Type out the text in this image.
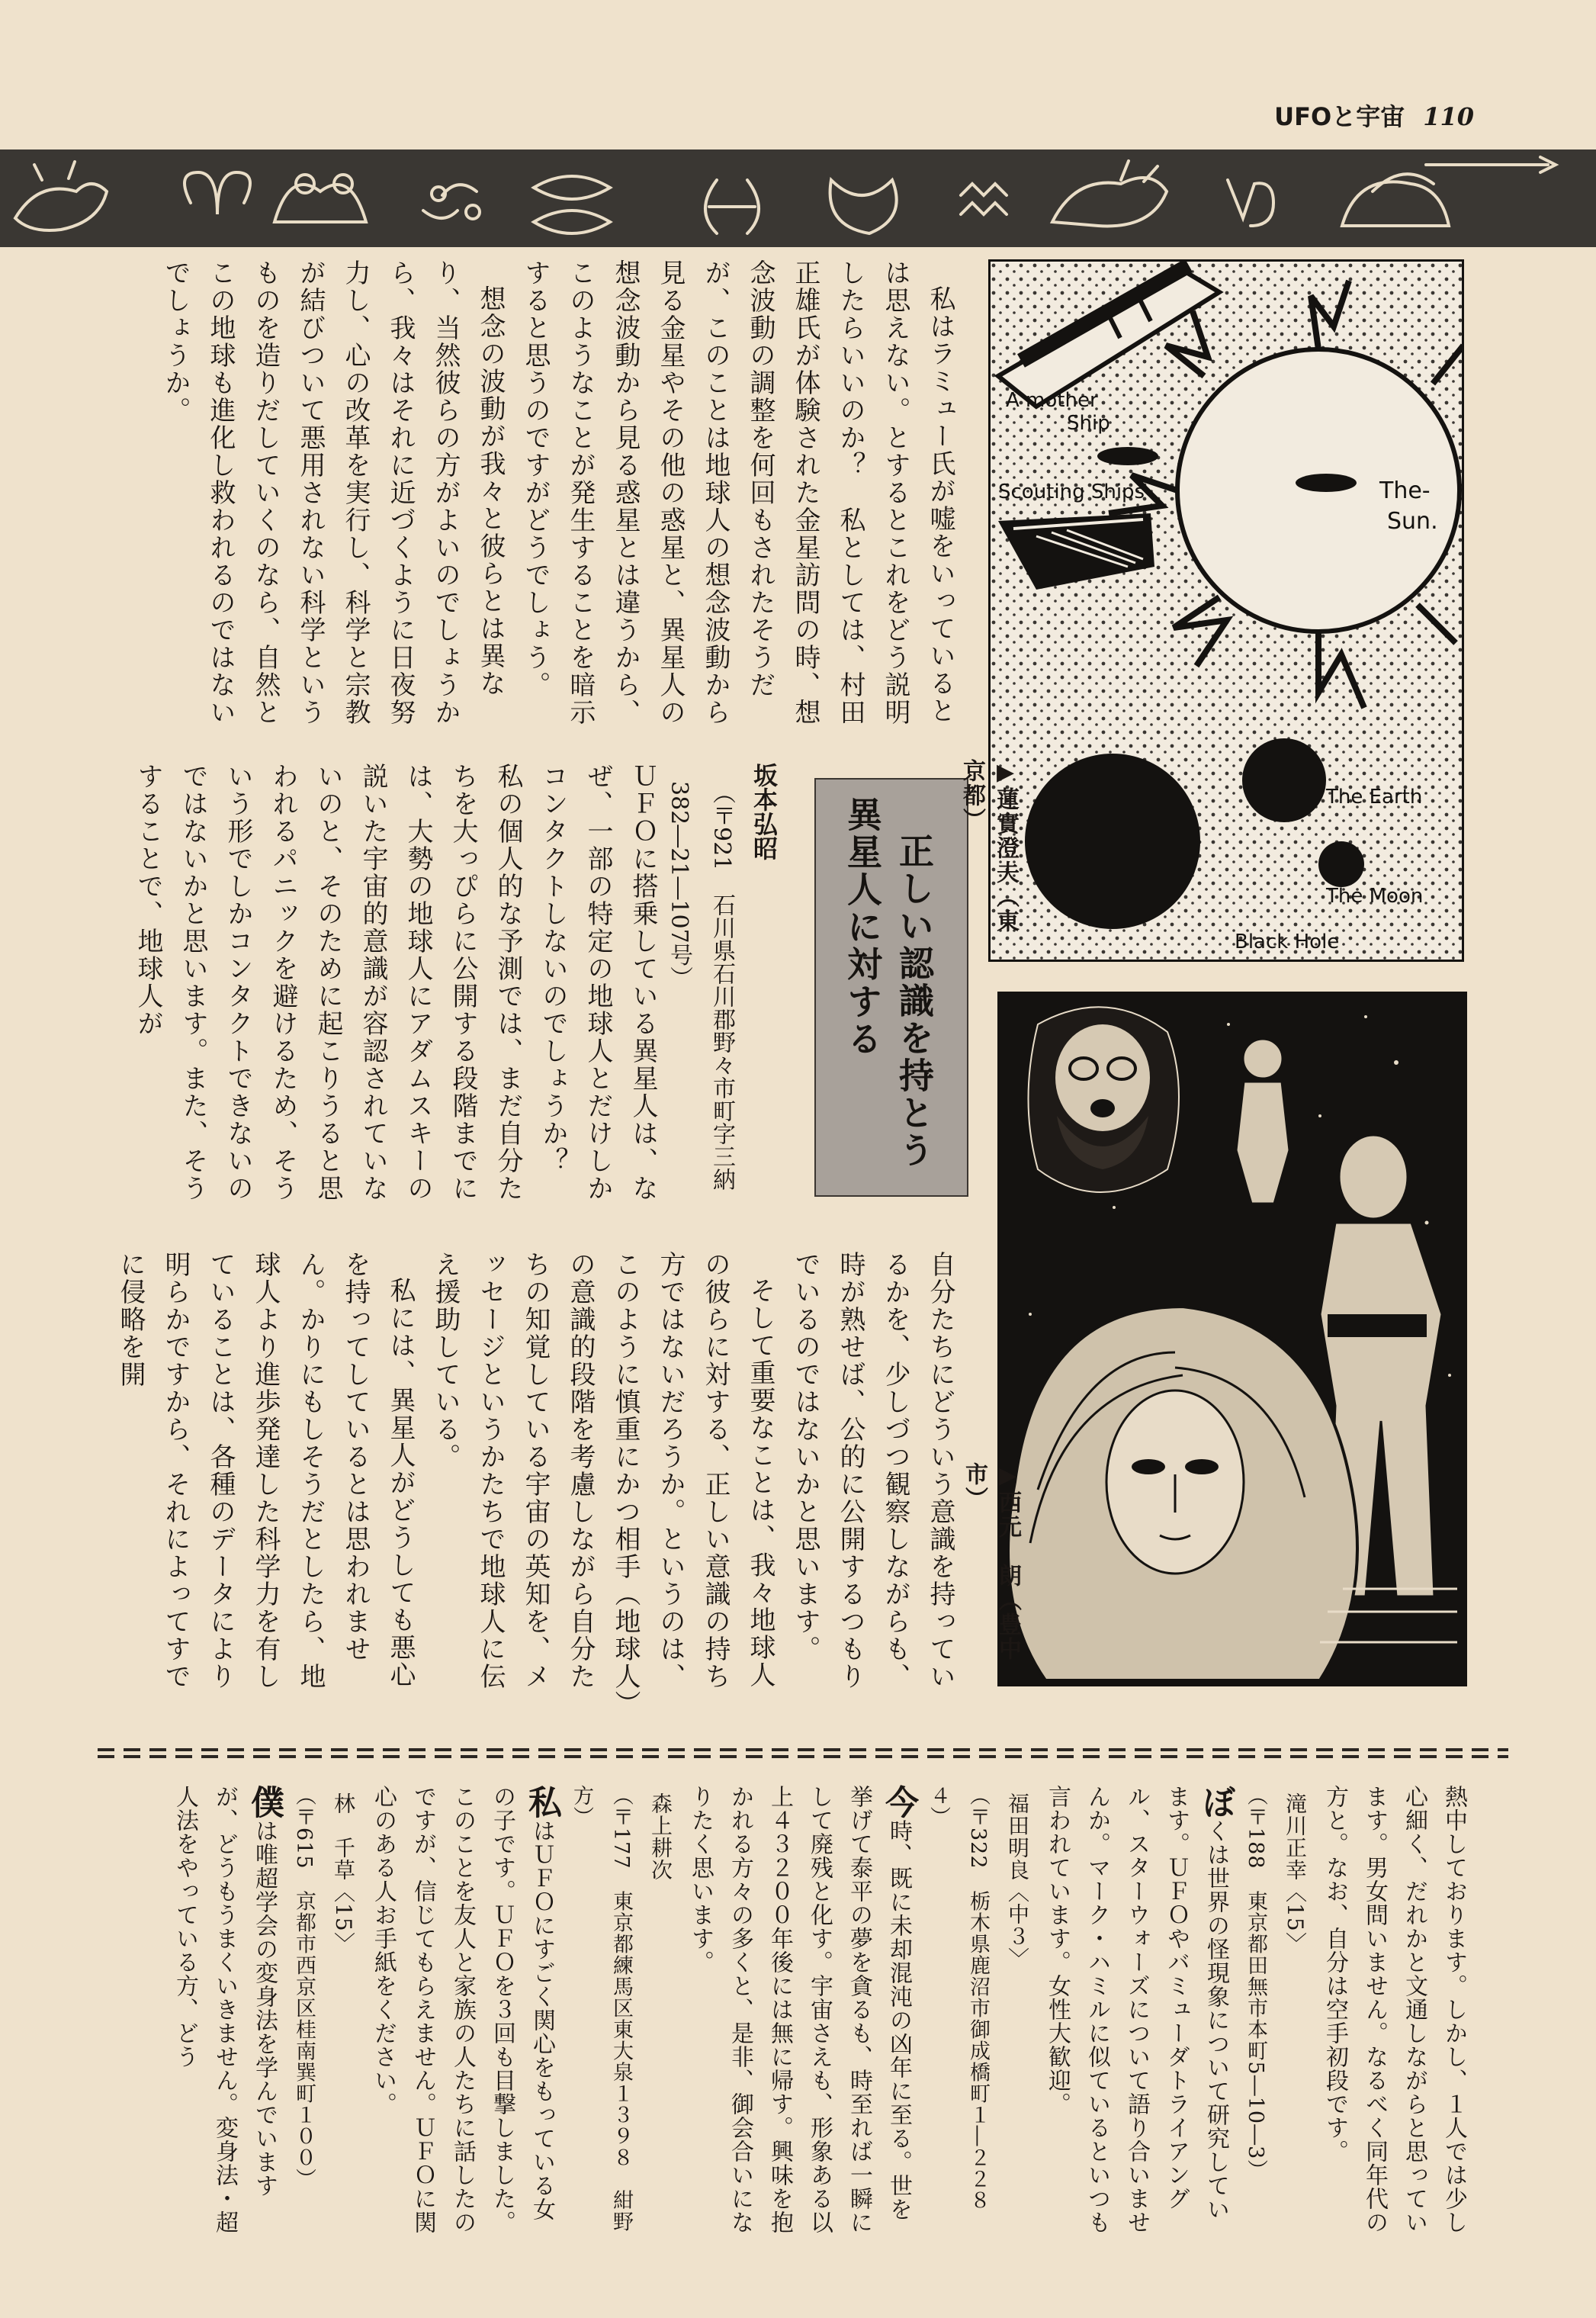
UFOと宇宙 110

私はラミュー氏が嘘をいっているとは思えない。とするとこれをどう説明したらいいのか？　私としては、村田正雄氏が体験された金星訪問の時、想念波動の調整を何回もされたそうだが、このことは地球人の想念波動から見る金星やその他の惑星と、異星人の想念波動から見る惑星とは違うから、このようなことが発生することを暗示すると思うのですがどうでしょう。

想念の波動が我々と彼らとは異なり、当然彼らの方がよいのでしょうから、我々はそれに近づくように日夜努力し、心の改革を実行し、科学と宗教が結びついて悪用されない科学というものを造りだしていくのなら、自然とこの地球も進化し救われるのではないでしょうか。

坂本弘昭
（〒921　石川県石川郡野々市町字三納382―21―107号）	異星人に対する 正しい認識を持とう

ＵＦＯに搭乗している異星人は、なぜ、一部の特定の地球人とだけしかコンタクトしないのでしょうか？　私の個人的な予測では、まだ自分たちを大っぴらに公開する段階までには、大勢の地球人にアダムスキーの説いた宇宙的意識が容認されていないのと、そのために起こりうると思われるパニックを避けるため、そういう形でしかコンタクトできないのではないかと思います。また、そうすることで、地球人が

自分たちにどういう意識を持っているかを、少しづつ観察しながらも、時が熟せば、公的に公開するつもりでいるのではないかと思います。

そして重要なことは、我々地球人の彼らに対する、正しい意識の持ち方ではないだろうか。というのは、このように慎重にかつ相手（地球人）の意識的段階を考慮しながら自分たちの知覚している宇宙の英知を、メッセージというかたちで地球人に伝え援助している。

私には、異星人がどうしても悪心を持ってしているとは思われません。かりにもしそうだとしたら、地球人より進歩発達した科学力を有していることは、各種のデータにより明らかですから、それによってすでに侵略を開

A mother
Ship
Scouting Ships	The-
Sun.
The Earth
The Moon
Black Hole
▶蓮實澄夫（東京都）
▶西元　朗（豊中市）

熱中しております。しかし、１人では少し心細く、だれかと文通しながらと思っています。男女問いません。なるべく同年代の方と。なお、自分は空手初段です。

滝川正幸〈15〉

（〒188　東京都田無市本町5―10―3）

ぼくは世界の怪現象について研究しています。ＵＦＯやバミューダトライアングル、スターウォーズについて語り合いませんか。マーク・ハミルに似ているといつも言われています。女性大歓迎。

福田明良〈中３〉

（〒322　栃木県鹿沼市御成橋町１―２２８４）

今時、既に未却混沌の凶年に至る。世を挙げて泰平の夢を貪るも、時至れば一瞬にして廃残と化す。宇宙さえも、形象ある以上４３２００年後には無に帰す。興味を抱かれる方々の多くと、是非、御会合いになりたく思います。

森上耕次

（〒177　東京都練馬区東大泉１３９８　紺野方）

私はＵＦＯにすごく関心をもっている女の子です。ＵＦＯを３回も目撃しました。このことを友人と家族の人たちに話したのですが、信じてもらえません。ＵＦＯに関心のある人お手紙をください。

林　千草〈15〉

（〒615　京都市西京区桂南巽町１００）

僕は唯超学会の変身法を学んでいますが、どうもうまくいきません。変身法・超人法をやっている方、どう
